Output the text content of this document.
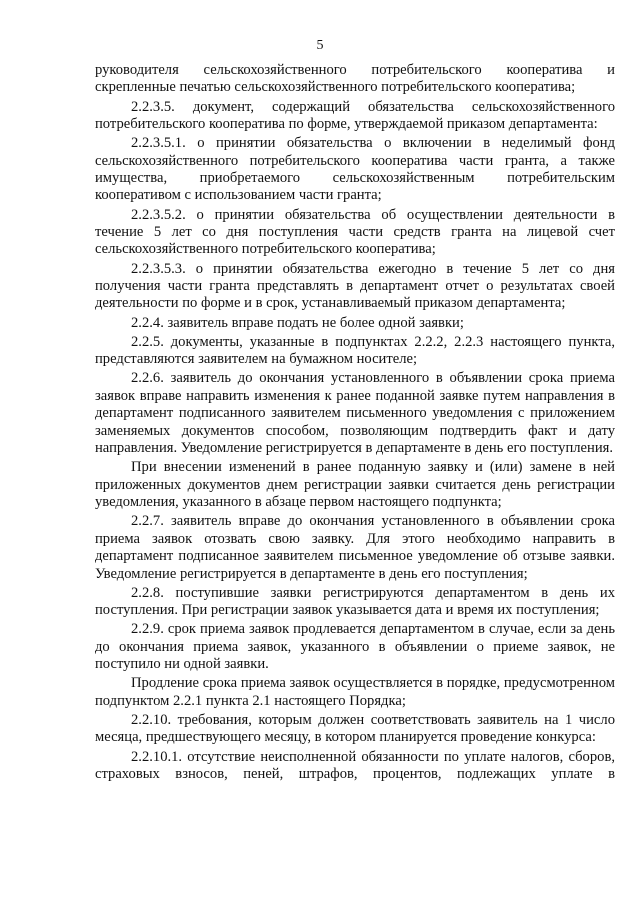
5

руководителя сельскохозяйственного потребительского кооператива и скрепленные печатью сельскохозяйственного потребительского кооператива;

2.2.3.5. документ, содержащий обязательства сельскохозяйственного потребительского кооператива по форме, утверждаемой приказом департамента:

2.2.3.5.1. о принятии обязательства о включении в неделимый фонд сельскохозяйственного потребительского кооператива части гранта, а также имущества, приобретаемого сельскохозяйственным потребительским кооперативом с использованием части гранта;

2.2.3.5.2. о принятии обязательства об осуществлении деятельности в течение 5 лет со дня поступления части средств гранта на лицевой счет сельскохозяйственного потребительского кооператива;

2.2.3.5.3. о принятии обязательства ежегодно в течение 5 лет со дня получения части гранта представлять в департамент отчет о результатах своей деятельности по форме и в срок, устанавливаемый приказом департамента;

2.2.4. заявитель вправе подать не более одной заявки;

2.2.5. документы, указанные в подпунктах 2.2.2, 2.2.3 настоящего пункта, представляются заявителем на бумажном носителе;

2.2.6. заявитель до окончания установленного в объявлении срока приема заявок вправе направить изменения к ранее поданной заявке путем направления в департамент подписанного заявителем письменного уведомления с приложением заменяемых документов способом, позволяющим подтвердить факт и дату направления. Уведомление регистрируется в департаменте в день его поступления.

При внесении изменений в ранее поданную заявку и (или) замене в ней приложенных документов днем регистрации заявки считается день регистрации уведомления, указанного в абзаце первом настоящего подпункта;

2.2.7. заявитель вправе до окончания установленного в объявлении срока приема заявок отозвать свою заявку. Для этого необходимо направить в департамент подписанное заявителем письменное уведомление об отзыве заявки. Уведомление регистрируется в департаменте в день его поступления;

2.2.8. поступившие заявки регистрируются департаментом в день их поступления. При регистрации заявок указывается дата и время их поступления;

2.2.9. срок приема заявок продлевается департаментом в случае, если за день до окончания приема заявок, указанного в объявлении о приеме заявок, не поступило ни одной заявки.

Продление срока приема заявок осуществляется в порядке, предусмотренном подпунктом 2.2.1 пункта 2.1 настоящего Порядка;

2.2.10. требования, которым должен соответствовать заявитель на 1 число месяца, предшествующего месяцу, в котором планируется проведение конкурса:

2.2.10.1. отсутствие неисполненной обязанности по уплате налогов, сборов, страховых взносов, пеней, штрафов, процентов, подлежащих уплате в
